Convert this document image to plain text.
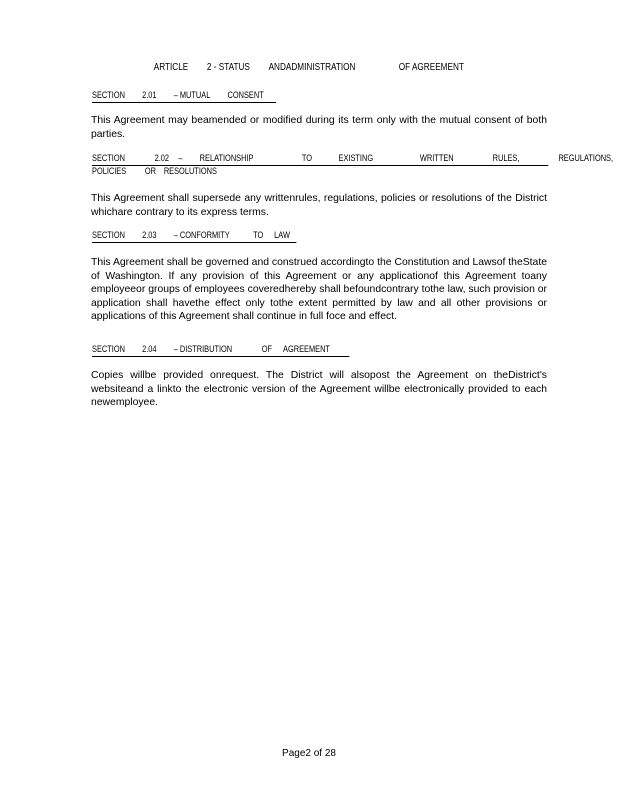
ARTICLE 2 - STATUS ANDADMINISTRATION	OF AGREEMENT
SECTION 2.01 – MUTUAL CONSENT
This Agreement may beamended or modified during its term only with the mutual consent of both parties.
SECTION	2.02 – RELATIONSHIP	TO	EXISTING	WRITTEN	RULES,	REGULATIONS,
POLICIES OR RESOLUTIONS
This Agreement shall supersede any writtenrules, regulations, policies or resolutions of the District whichare contrary to its express terms.
SECTION 2.03 – CONFORMITY TO LAW
This Agreement shall be governed and construed accordingto the Constitution and Lawsof theState of Washington. If any provision of this Agreement or any applicationof this Agreement toany employeeor groups of employees coveredhereby shall befoundcontrary tothe law, such provision or application shall havethe effect only tothe extent permitted by law and all other provisions or applications of this Agreement shall continue in full foce and effect.
SECTION 2.04 – DISTRIBUTION	OF AGREEMENT
Copies willbe provided onrequest. The District will alsopost the Agreement on theDistrict's websiteand a linkto the electronic version of the Agreement willbe electronically provided to each newemployee.
Page2 of 28
